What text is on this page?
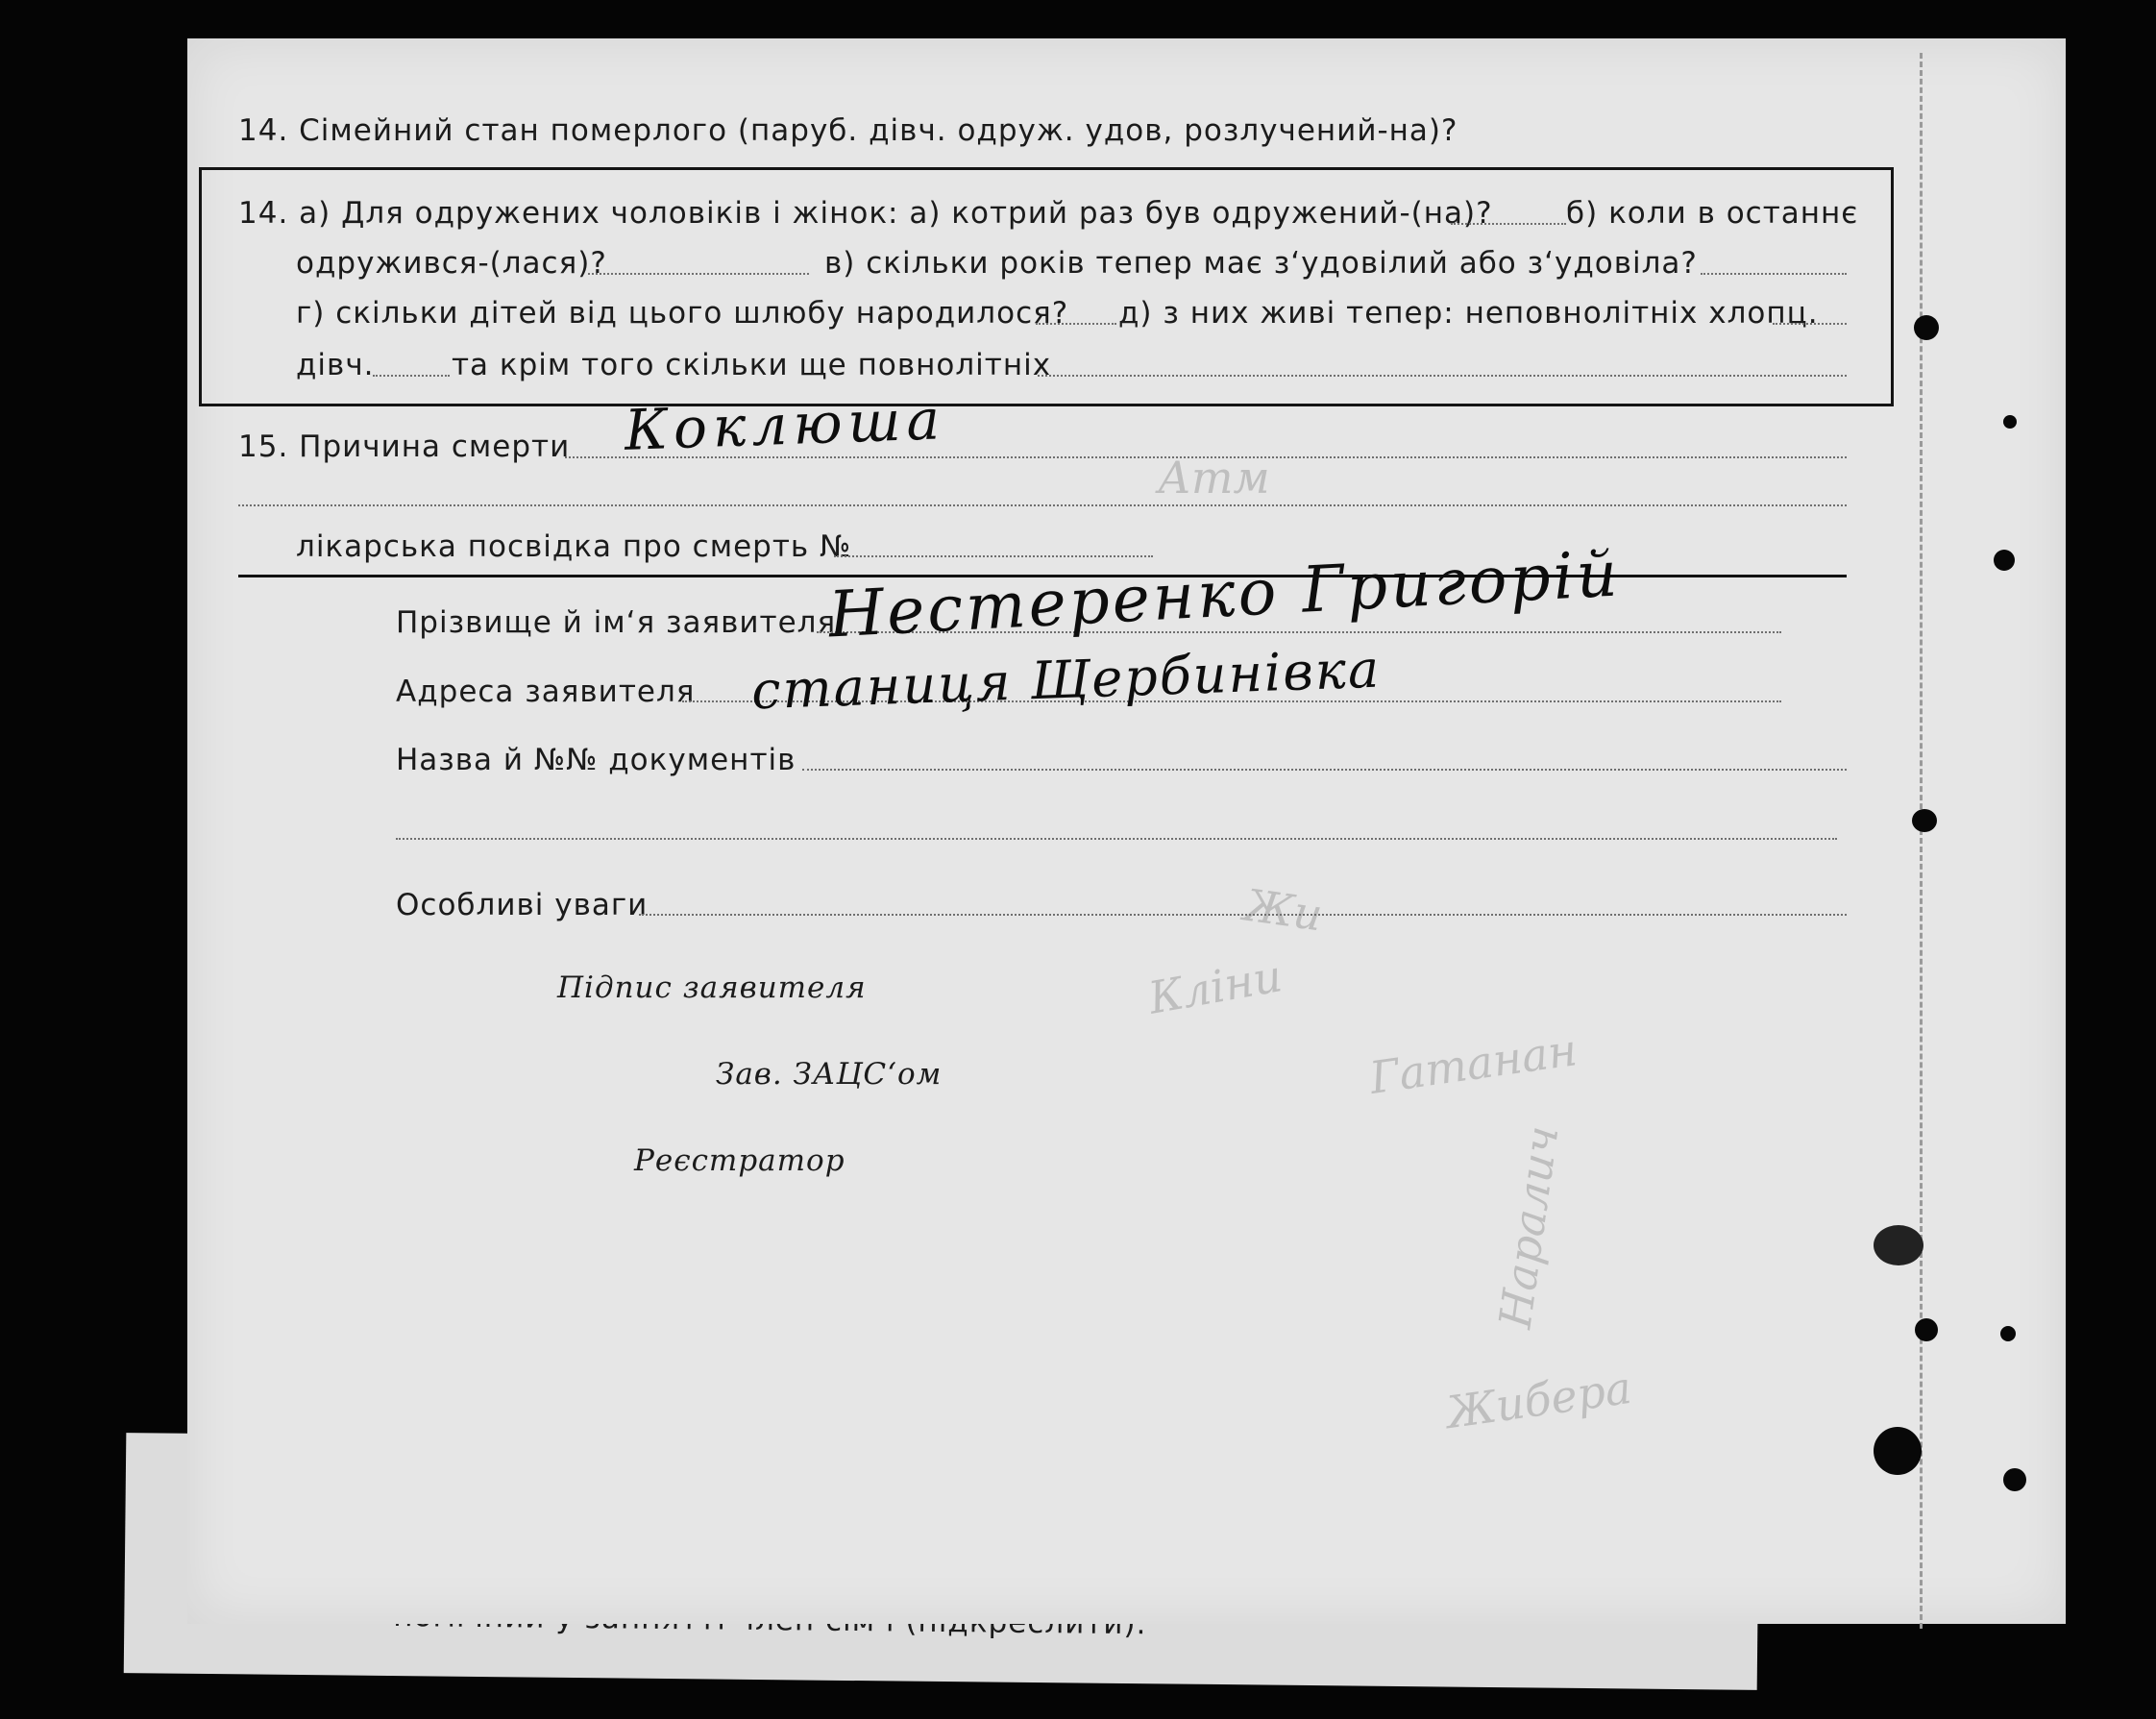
Атм
Жи
Кліни
Гатанан
Наралич
Жибера
14. Сімейний стан померлого (паруб. дівч. одруж. удов, розлучений-на)?
14. а) Для одружених чоловіків і жінок: а) котрий раз був одружений-(на)? б) коли в останнє
одружився-(лася)?	в) скільки років тепер має з‘удовілий або з‘удовіла?
г) скільки дітей від цього шлюбу народилося? д) з них живі тепер: неповнолітніх хлопц.
дівч.	та крім того скільки ще повнолітніх
15. Причина смерти Коклюша
лікарська посвідка про смерть №
Прізвище й ім‘я заявителя
Нестеренко Григорій
Адреса заявителя станиця Щербинівка
Назва й №№ документів
Особливі уваги
Підпис заявителя
Зав. ЗАЦС‘ом
Реєстратор
